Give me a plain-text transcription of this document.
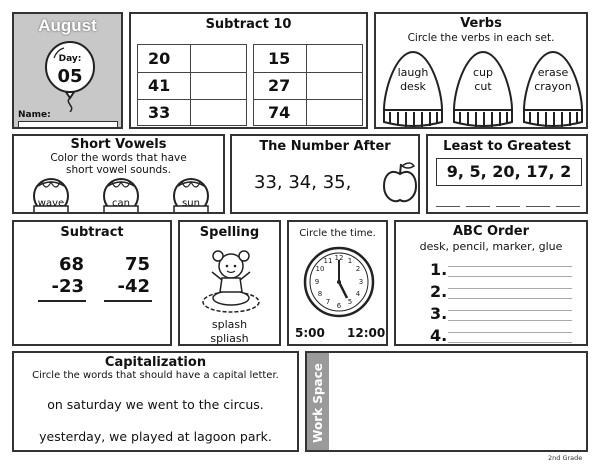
August
Day:
05
Name:
Subtract 10
20
41
33
15
27
74
Verbs
Circle the verbs in each set.
laugh
desk
cup
cut
erase
crayon
Short Vowels
Color the words that have short vowel sounds.
wave	can	sun
The Number After
33, 34, 35,
Least to Greatest
9, 5, 20, 17, 2
Subtract
68
-23
75
-42
Spelling
splash
spliash
Circle the time.
12 1
2
3
4
5
6
7
8
9
10
11
5:00 12:00
ABC Order
desk, pencil, marker, glue
1.
2.
3.
4.
Capitalization
Circle the words that should have a capital letter.
on saturday we went to the circus.
yesterday, we played at lagoon park.	Work Space
2nd Grade
